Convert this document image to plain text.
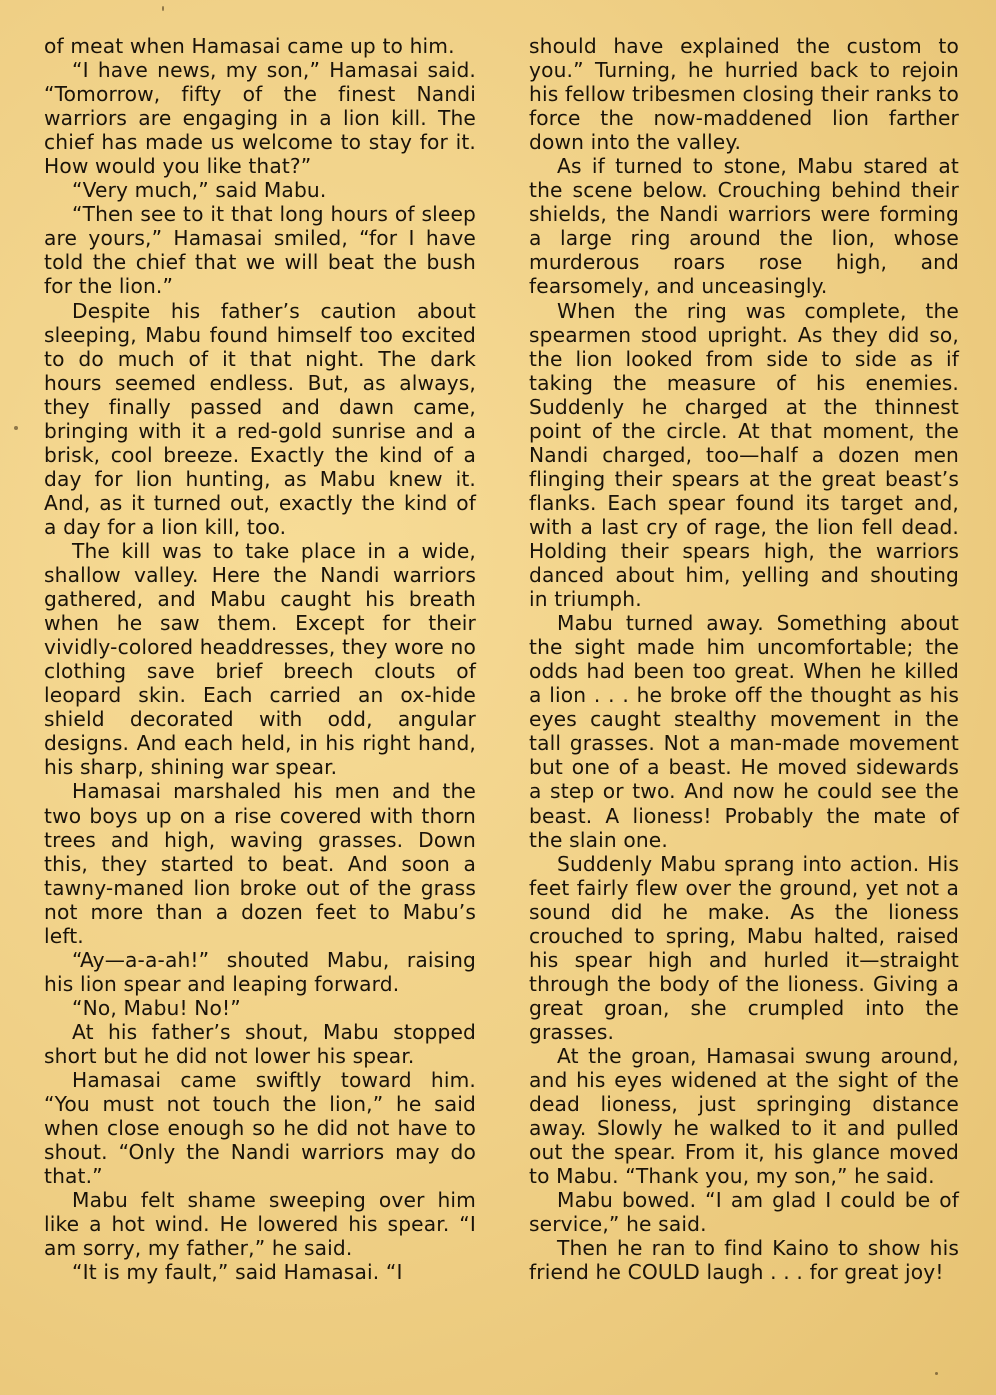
of meat when Hamasai came up to him.

“I have news, my son,” Hamasai said. “Tomorrow, fifty of the finest Nandi warriors are engaging in a lion kill. The chief has made us welcome to stay for it. How would you like that?”

“Very much,” said Mabu.

“Then see to it that long hours of sleep are yours,” Hamasai smiled, “for I have told the chief that we will beat the bush for the lion.”

Despite his father’s caution about sleeping, Mabu found himself too excited to do much of it that night. The dark hours seemed endless. But, as always, they finally passed and dawn came, bringing with it a red-gold sunrise and a brisk, cool breeze. Exactly the kind of a day for lion hunting, as Mabu knew it. And, as it turned out, exactly the kind of a day for a lion kill, too.

The kill was to take place in a wide, shallow valley. Here the Nandi warriors gathered, and Mabu caught his breath when he saw them. Except for their vividly-colored headdresses, they wore no clothing save brief breech clouts of leopard skin. Each carried an ox-hide shield decorated with odd, angular designs. And each held, in his right hand, his sharp, shining war spear.

Hamasai marshaled his men and the two boys up on a rise covered with thorn trees and high, waving grasses. Down this, they started to beat. And soon a tawny-maned lion broke out of the grass not more than a dozen feet to Mabu’s left.

“Ay—a-a-ah!” shouted Mabu, raising his lion spear and leaping forward.

“No, Mabu! No!”

At his father’s shout, Mabu stopped short but he did not lower his spear.

Hamasai came swiftly toward him. “You must not touch the lion,” he said when close enough so he did not have to shout. “Only the Nandi warriors may do that.”

Mabu felt shame sweeping over him like a hot wind. He lowered his spear. “I am sorry, my father,” he said.

“It is my fault,” said Hamasai. “I

should have explained the custom to you.” Turning, he hurried back to rejoin his fellow tribesmen closing their ranks to force the now-maddened lion farther down into the valley.

As if turned to stone, Mabu stared at the scene below. Crouching behind their shields, the Nandi warriors were forming a large ring around the lion, whose murderous roars rose high, and fearsomely, and unceasingly.

When the ring was complete, the spearmen stood upright. As they did so, the lion looked from side to side as if taking the measure of his enemies. Suddenly he charged at the thinnest point of the circle. At that moment, the Nandi charged, too—half a dozen men flinging their spears at the great beast’s flanks. Each spear found its target and, with a last cry of rage, the lion fell dead. Holding their spears high, the warriors danced about him, yelling and shouting in triumph.

Mabu turned away. Something about the sight made him uncomfortable; the odds had been too great. When he killed a lion . . . he broke off the thought as his eyes caught stealthy movement in the tall grasses. Not a man-made movement but one of a beast. He moved sidewards a step or two. And now he could see the beast. A lioness! Probably the mate of the slain one.

Suddenly Mabu sprang into action. His feet fairly flew over the ground, yet not a sound did he make. As the lioness crouched to spring, Mabu halted, raised his spear high and hurled it—straight through the body of the lioness. Giving a great groan, she crumpled into the grasses.

At the groan, Hamasai swung around, and his eyes widened at the sight of the dead lioness, just springing distance away. Slowly he walked to it and pulled out the spear. From it, his glance moved to Mabu. “Thank you, my son,” he said.

Mabu bowed. “I am glad I could be of service,” he said.

Then he ran to find Kaino to show his friend he COULD laugh . . . for great joy!
